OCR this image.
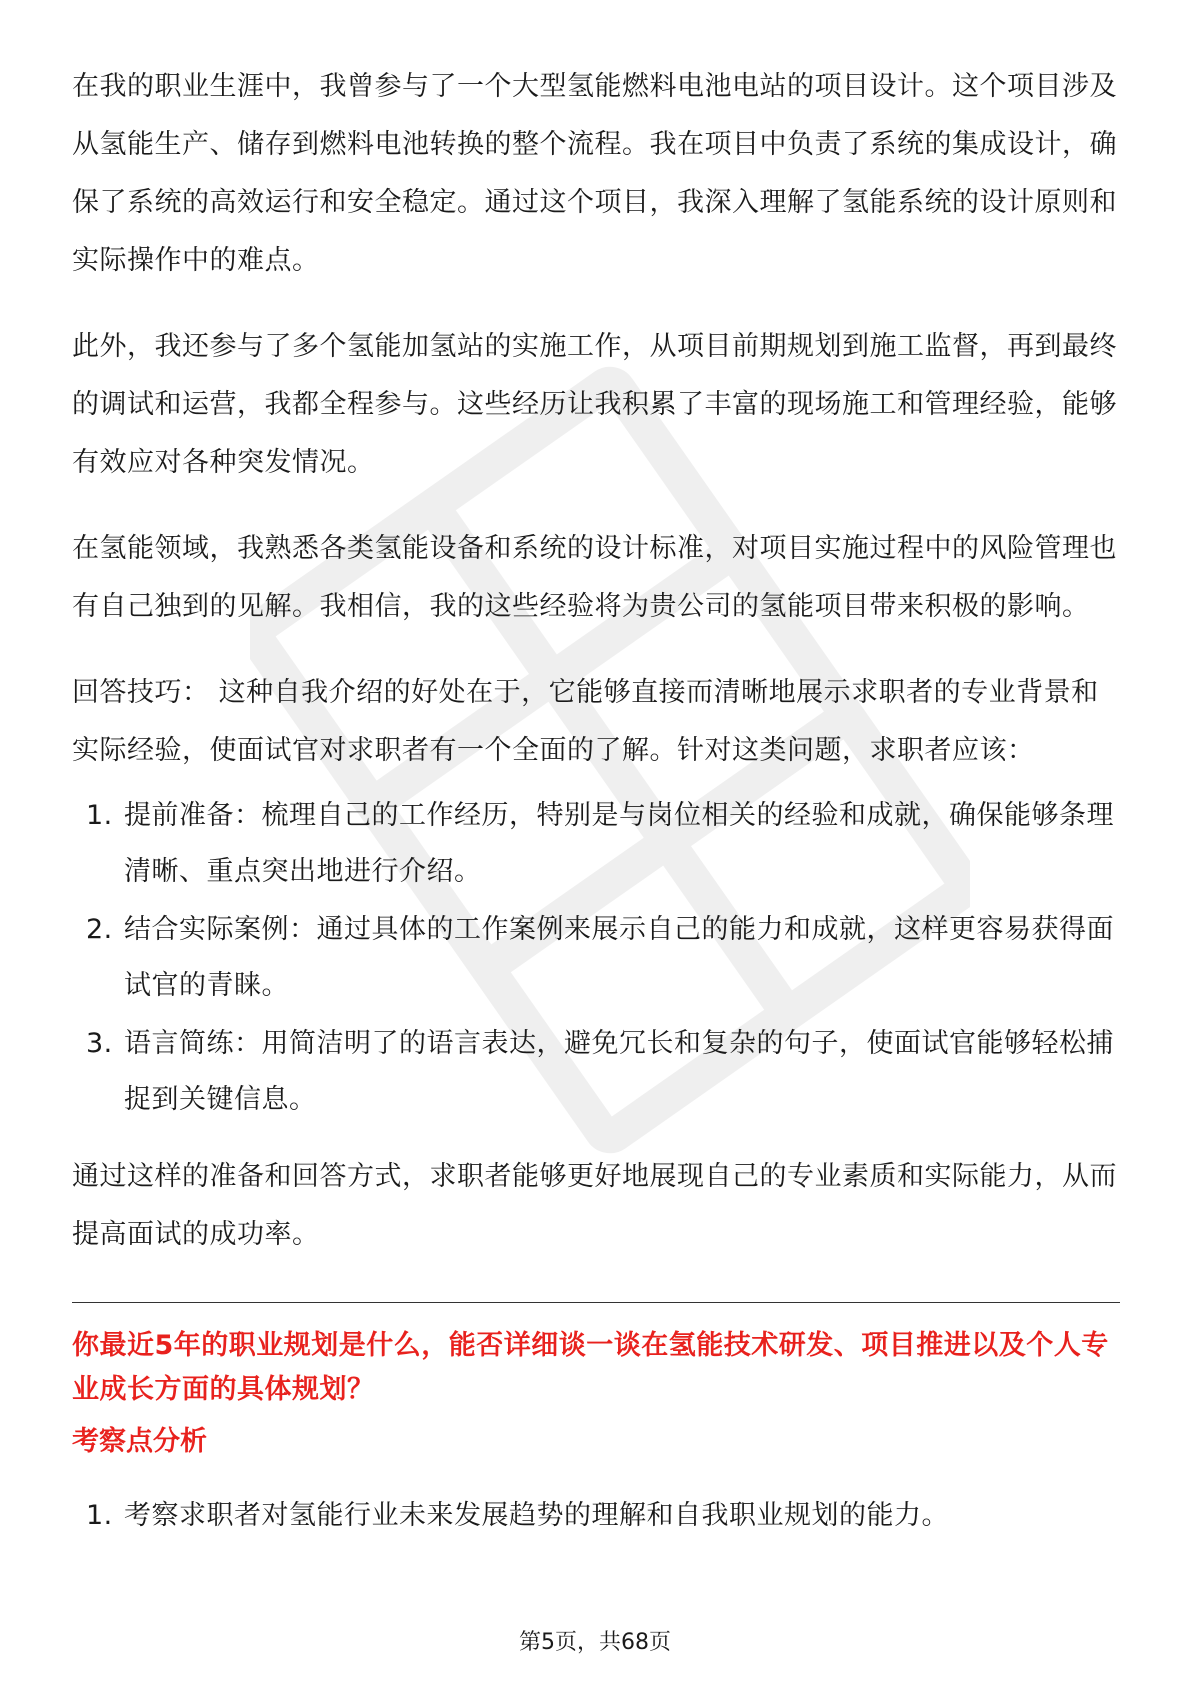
在我的职业生涯中，我曾参与了一个大型氢能燃料电池电站的项目设计。这个项目涉及从氢能生产、储存到燃料电池转换的整个流程。我在项目中负责了系统的集成设计，确保了系统的高效运行和安全稳定。通过这个项目，我深入理解了氢能系统的设计原则和实际操作中的难点。

此外，我还参与了多个氢能加氢站的实施工作，从项目前期规划到施工监督，再到最终的调试和运营，我都全程参与。这些经历让我积累了丰富的现场施工和管理经验，能够有效应对各种突发情况。

在氢能领域，我熟悉各类氢能设备和系统的设计标准，对项目实施过程中的风险管理也有自己独到的见解。我相信，我的这些经验将为贵公司的氢能项目带来积极的影响。

回答技巧： 这种自我介绍的好处在于，它能够直接而清晰地展示求职者的专业背景和实际经验，使面试官对求职者有一个全面的了解。针对这类问题，求职者应该：

1. 提前准备：梳理自己的工作经历，特别是与岗位相关的经验和成就，确保能够条理清晰、重点突出地进行介绍。
2. 结合实际案例：通过具体的工作案例来展示自己的能力和成就，这样更容易获得面试官的青睐。
3. 语言简练：用简洁明了的语言表达，避免冗长和复杂的句子，使面试官能够轻松捕捉到关键信息。

通过这样的准备和回答方式，求职者能够更好地展现自己的专业素质和实际能力，从而提高面试的成功率。

你最近5年的职业规划是什么，能否详细谈一谈在氢能技术研发、项目推进以及个人专业成长方面的具体规划？
考察点分析
1. 考察求职者对氢能行业未来发展趋势的理解和自我职业规划的能力。
第5页，共68页
